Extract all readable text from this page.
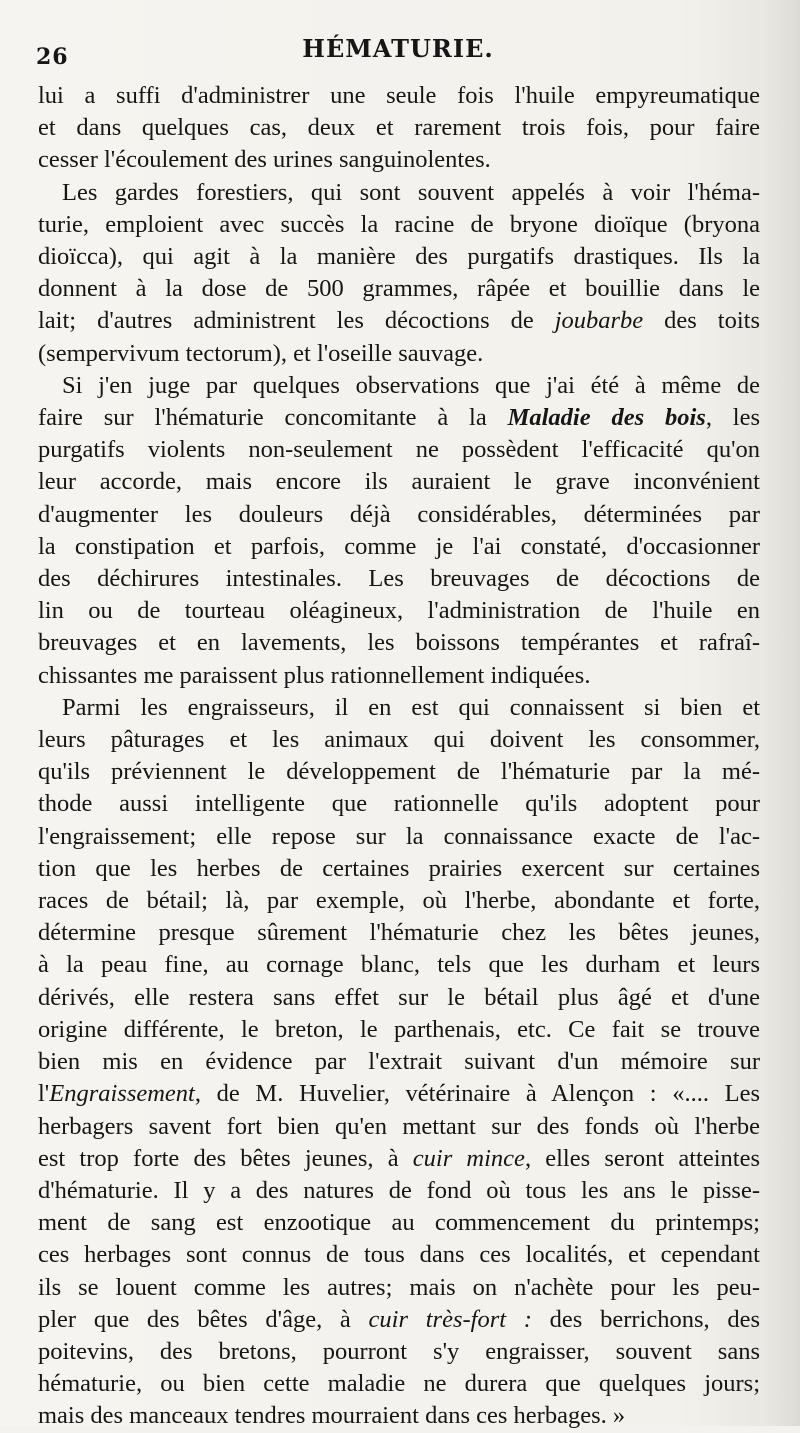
26	HÉMATURIE.

lui a suffi d'administrer une seule fois l'huile empyreumatique
et dans quelques cas, deux et rarement trois fois, pour faire
cesser l'écoulement des urines sanguinolentes.

Les gardes forestiers, qui sont souvent appelés à voir l'héma-
turie, emploient avec succès la racine de bryone dioïque (bryona
dioïcca), qui agit à la manière des purgatifs drastiques. Ils la
donnent à la dose de 500 grammes, râpée et bouillie dans le
lait; d'autres administrent les décoctions de joubarbe des toits
(sempervivum tectorum), et l'oseille sauvage.

Si j'en juge par quelques observations que j'ai été à même de
faire sur l'hématurie concomitante à la Maladie des bois, les
purgatifs violents non-seulement ne possèdent l'efficacité qu'on
leur accorde, mais encore ils auraient le grave inconvénient
d'augmenter les douleurs déjà considérables, déterminées par
la constipation et parfois, comme je l'ai constaté, d'occasionner
des déchirures intestinales. Les breuvages de décoctions de
lin ou de tourteau oléagineux, l'administration de l'huile en
breuvages et en lavements, les boissons tempérantes et rafraî-
chissantes me paraissent plus rationnellement indiquées.

Parmi les engraisseurs, il en est qui connaissent si bien et
leurs pâturages et les animaux qui doivent les consommer,
qu'ils préviennent le développement de l'hématurie par la mé-
thode aussi intelligente que rationnelle qu'ils adoptent pour
l'engraissement; elle repose sur la connaissance exacte de l'ac-
tion que les herbes de certaines prairies exercent sur certaines
races de bétail; là, par exemple, où l'herbe, abondante et forte,
détermine presque sûrement l'hématurie chez les bêtes jeunes,
à la peau fine, au cornage blanc, tels que les durham et leurs
dérivés, elle restera sans effet sur le bétail plus âgé et d'une
origine différente, le breton, le parthenais, etc. Ce fait se trouve
bien mis en évidence par l'extrait suivant d'un mémoire sur
l'Engraissement, de M. Huvelier, vétérinaire à Alençon : «.... Les
herbagers savent fort bien qu'en mettant sur des fonds où l'herbe
est trop forte des bêtes jeunes, à cuir mince, elles seront atteintes
d'hématurie. Il y a des natures de fond où tous les ans le pisse-
ment de sang est enzootique au commencement du printemps;
ces herbages sont connus de tous dans ces localités, et cependant
ils se louent comme les autres; mais on n'achète pour les peu-
pler que des bêtes d'âge, à cuir très-fort : des berrichons, des
poitevins, des bretons, pourront s'y engraisser, souvent sans
hématurie, ou bien cette maladie ne durera que quelques jours;
mais des manceaux tendres mourraient dans ces herbages. »
